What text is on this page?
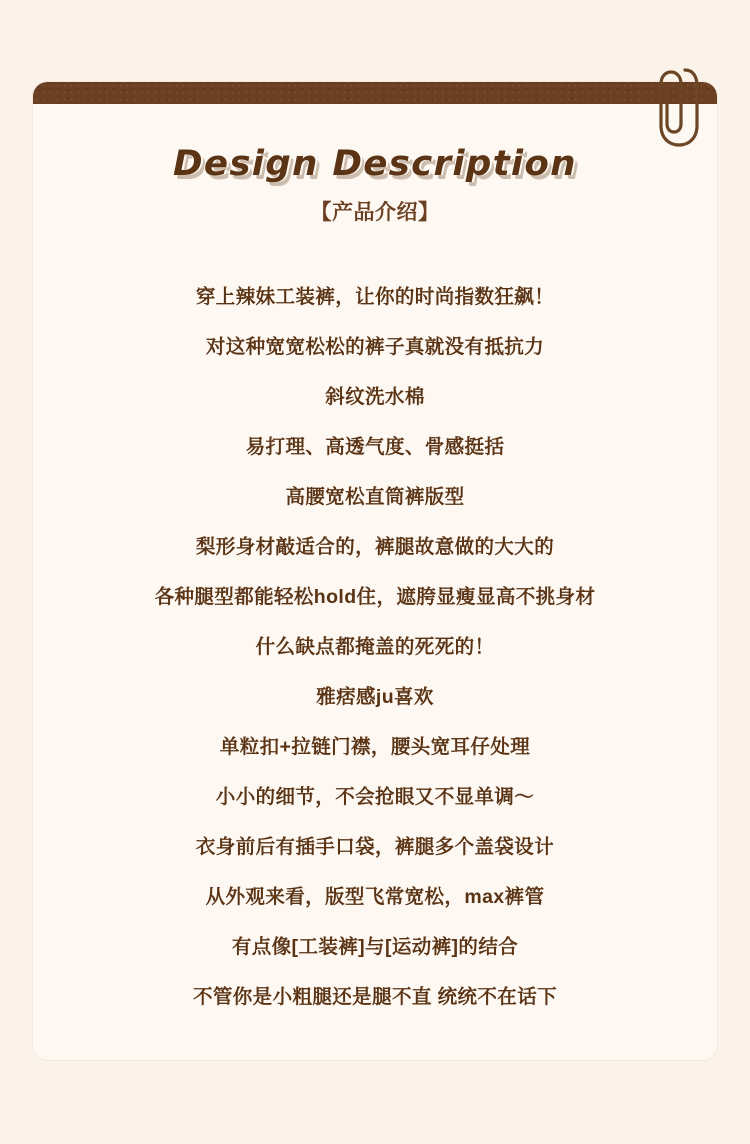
Design Description
【产品介绍】
穿上辣妹工装裤，让你的时尚指数狂飙！
对这种宽宽松松的裤子真就没有抵抗力
斜纹洗水棉
易打理、高透气度、骨感挺括
高腰宽松直筒裤版型
梨形身材敲适合的，裤腿故意做的大大的
各种腿型都能轻松hold住，遮胯显瘦显高不挑身材
什么缺点都掩盖的死死的！
雅痞感ju喜欢
单粒扣+拉链门襟，腰头宽耳仔处理
小小的细节，不会抢眼又不显单调～
衣身前后有插手口袋，裤腿多个盖袋设计
从外观来看，版型飞常宽松，max裤管
有点像[工装裤]与[运动裤]的结合
不管你是小粗腿还是腿不直 统统不在话下
